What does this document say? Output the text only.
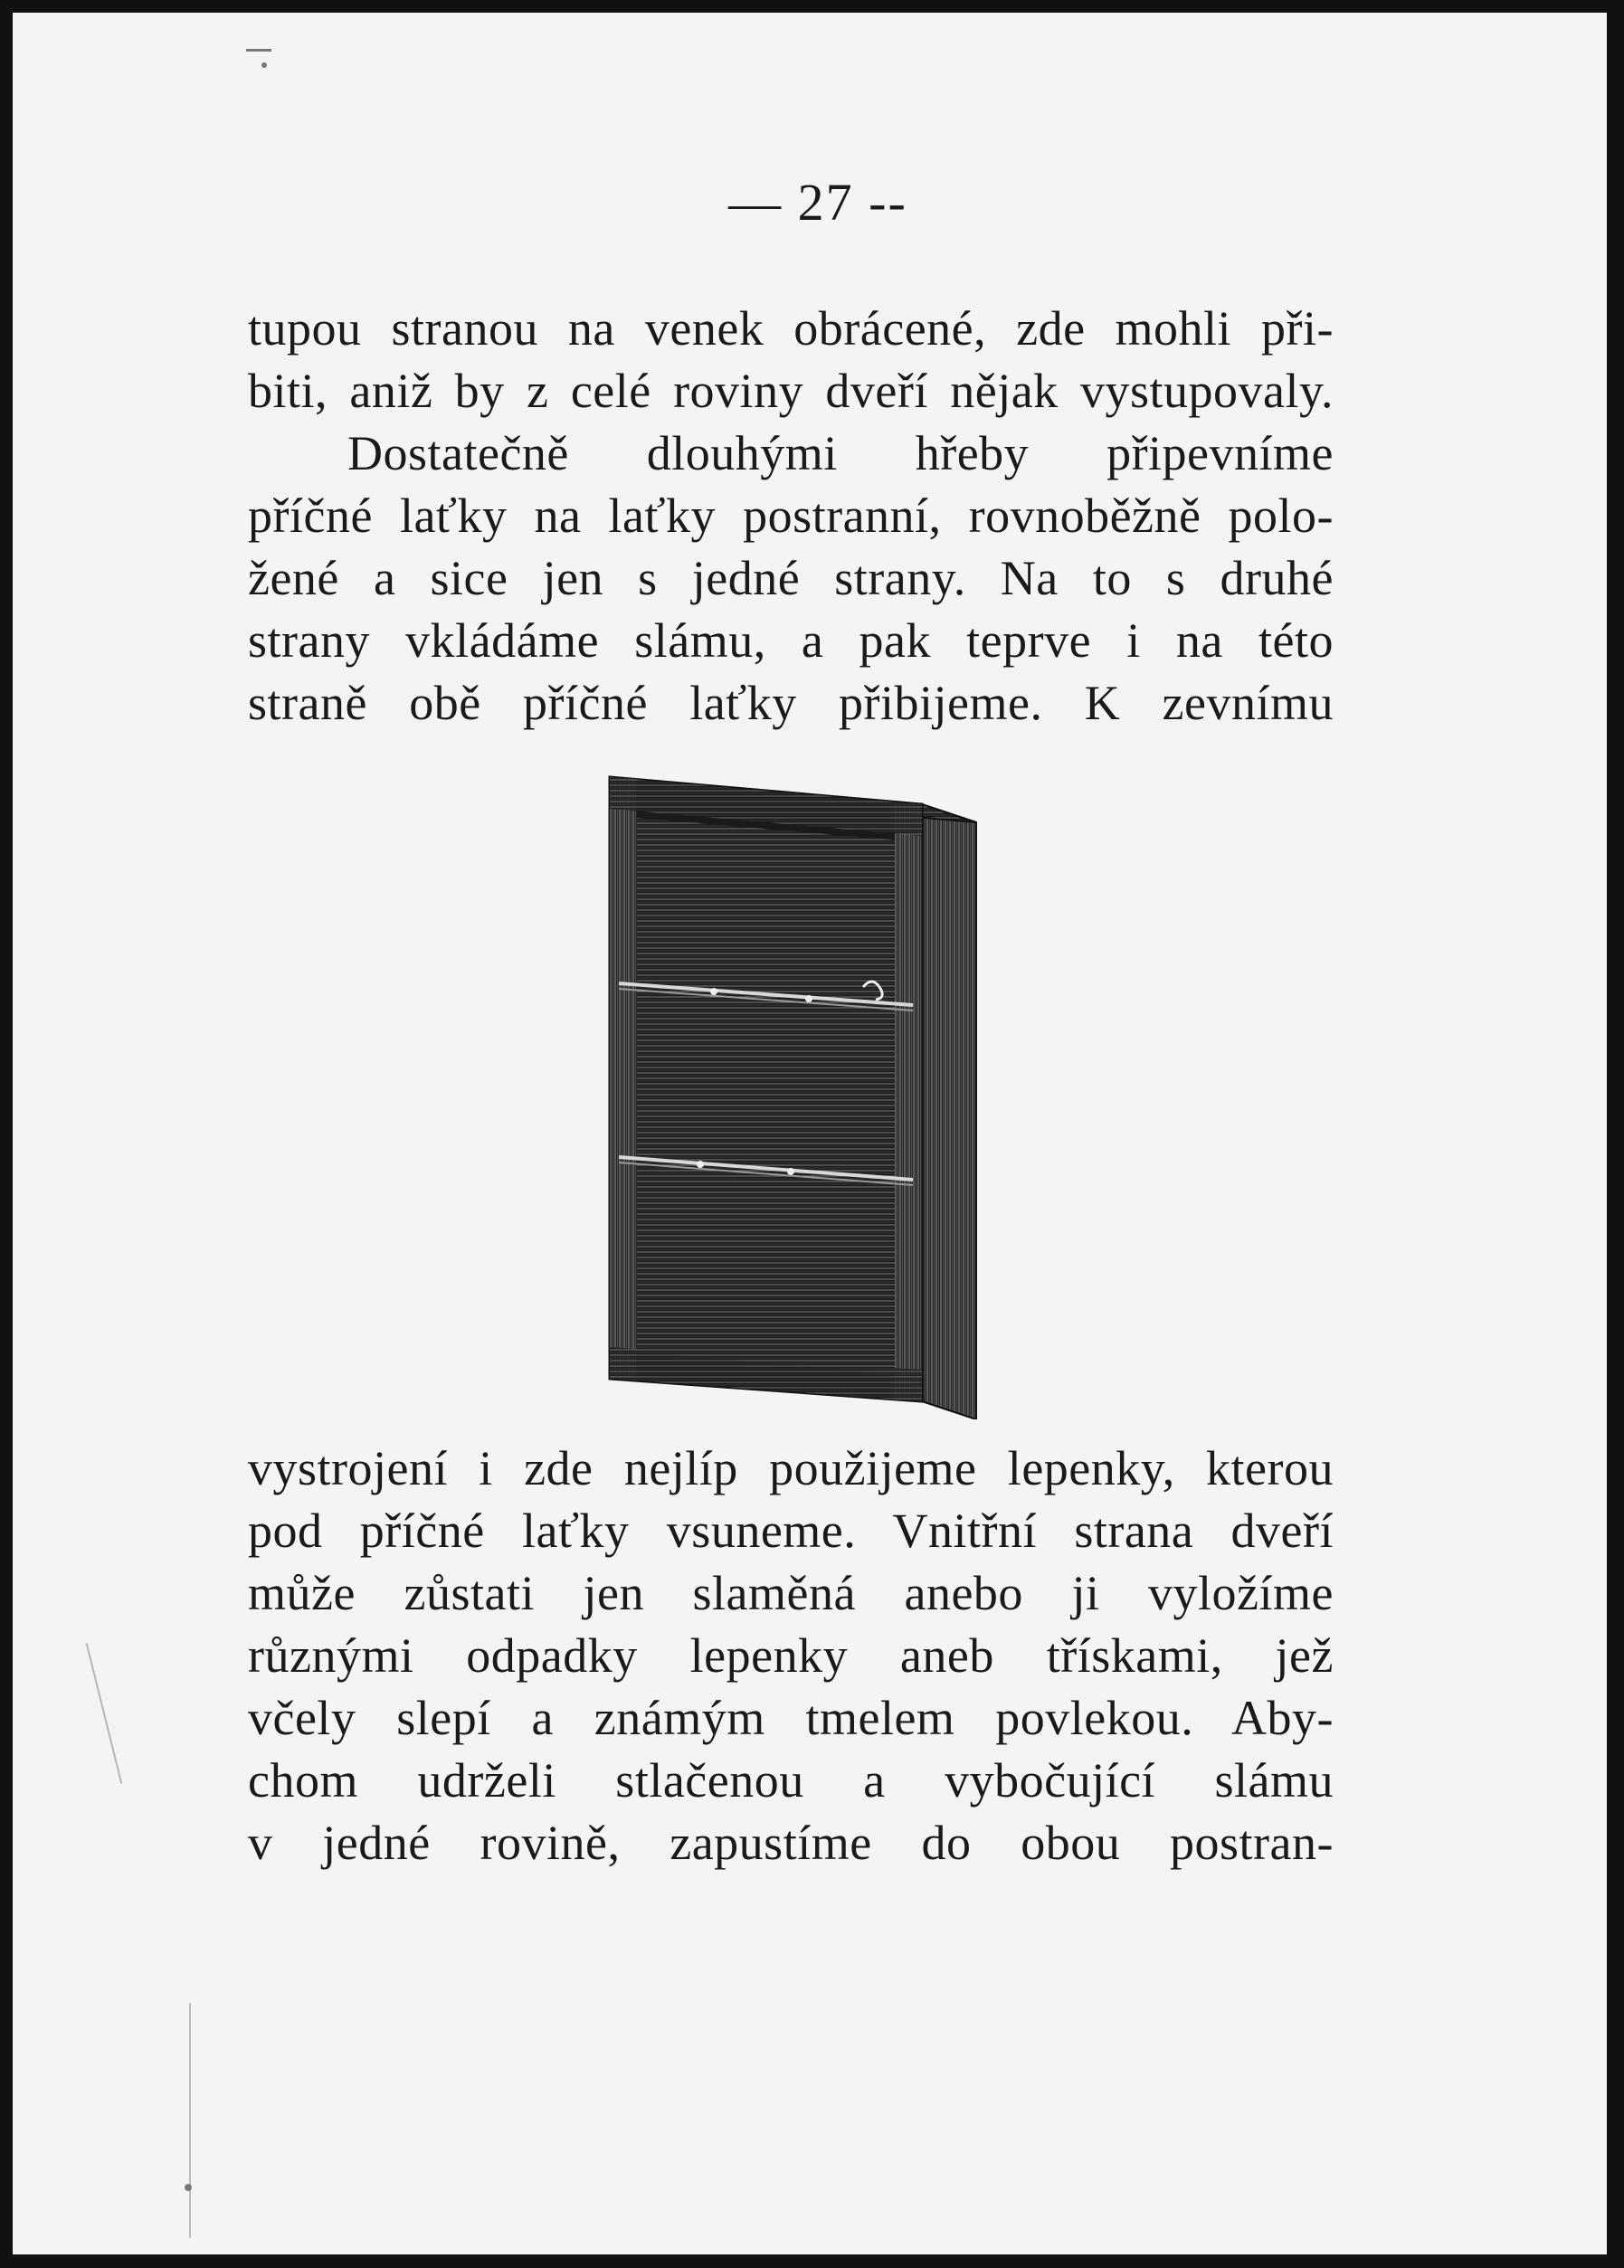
— 27 --
tupou stranou na venek obrácené, zde mohli při-
biti, aniž by z celé roviny dveří nějak vystupovaly.
Dostatečně dlouhými hřeby připevníme
příčné laťky na laťky postranní, rovnoběžně polo-
žené a sice jen s jedné strany. Na to s druhé
strany vkládáme slámu, a pak teprve i na této
straně obě příčné laťky přibijeme. K zevnímu
vystrojení i zde nejlíp použijeme lepenky, kterou
pod příčné laťky vsuneme. Vnitřní strana dveří
může zůstati jen slaměná anebo ji vyložíme
různými odpadky lepenky aneb třískami, jež
včely slepí a známým tmelem povlekou. Aby-
chom udrželi stlačenou a vybočující slámu
v jedné rovině, zapustíme do obou postran-
